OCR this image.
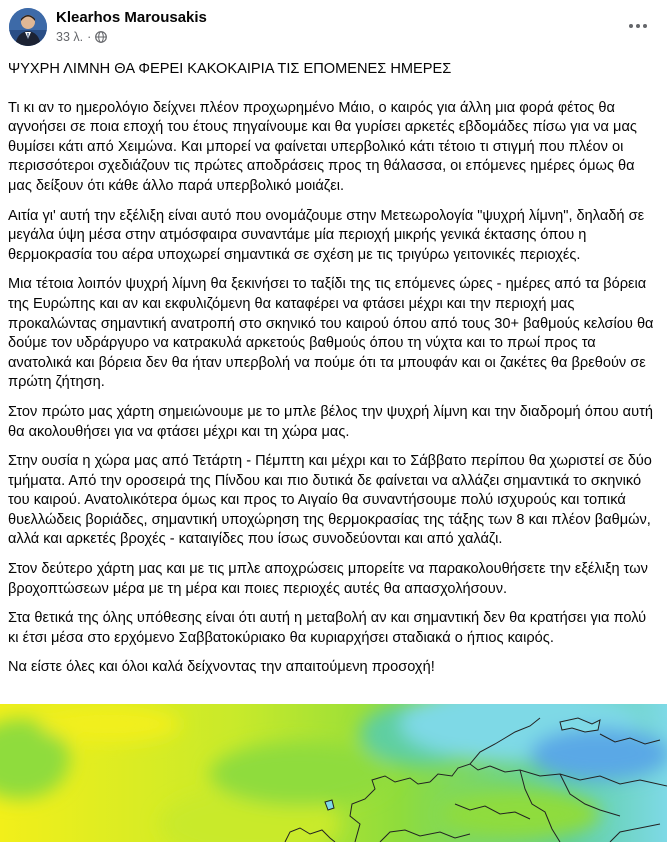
Klearhos Marousakis
33 λ. ·

ΨΥΧΡΗ ΛΙΜΝΗ ΘΑ ΦΕΡΕΙ ΚΑΚΟΚΑΙΡΙΑ ΤΙΣ ΕΠΟΜΕΝΕΣ ΗΜΕΡΕΣ

Τι κι αν το ημερολόγιο δείχνει πλέον προχωρημένο Μάιο, ο καιρός για άλλη μια φορά φέτος θα αγνοήσει σε ποια εποχή του έτους πηγαίνουμε και θα γυρίσει αρκετές εβδομάδες πίσω για να μας θυμίσει κάτι από Χειμώνα. Και μπορεί να φαίνεται υπερβολικό κάτι τέτοιο τι στιγμή που πλέον οι περισσότεροι σχεδιάζουν τις πρώτες αποδράσεις προς τη θάλασσα, οι επόμενες ημέρες όμως θα μας δείξουν ότι κάθε άλλο παρά υπερβολικό μοιάζει.

Αιτία γι' αυτή την εξέλιξη είναι αυτό που ονομάζουμε στην Μετεωρολογία "ψυχρή λίμνη", δηλαδή σε μεγάλα ύψη μέσα στην ατμόσφαιρα συναντάμε μία περιοχή μικρής γενικά έκτασης όπου η θερμοκρασία του αέρα υποχωρεί σημαντικά σε σχέση με τις τριγύρω γειτονικές περιοχές.

Μια τέτοια λοιπόν ψυχρή λίμνη θα ξεκινήσει το ταξίδι της τις επόμενες ώρες - ημέρες από τα βόρεια της Ευρώπης και αν και εκφυλιζόμενη θα καταφέρει να φτάσει μέχρι και την περιοχή μας προκαλώντας σημαντική ανατροπή στο σκηνικό του καιρού όπου από τους 30+ βαθμούς κελσίου θα δούμε τον υδράργυρο να κατρακυλά αρκετούς βαθμούς όπου τη νύχτα και το πρωί προς τα ανατολικά και βόρεια δεν θα ήταν υπερβολή να πούμε ότι τα μπουφάν και οι ζακέτες θα βρεθούν σε πρώτη ζήτηση.

Στον πρώτο μας χάρτη σημειώνουμε με το μπλε βέλος την ψυχρή λίμνη και την διαδρομή όπου αυτή θα ακολουθήσει για να φτάσει μέχρι και τη χώρα μας.

Στην ουσία η χώρα μας από Τετάρτη - Πέμπτη και μέχρι και το Σάββατο περίπου θα χωριστεί σε δύο τμήματα. Από την οροσειρά της Πίνδου και πιο δυτικά δε φαίνεται να αλλάζει σημαντικά το σκηνικό του καιρού. Ανατολικότερα όμως και προς το Αιγαίο θα συναντήσουμε πολύ ισχυρούς και τοπικά θυελλώδεις βοριάδες, σημαντική υποχώρηση της θερμοκρασίας της τάξης των 8 και πλέον βαθμών, αλλά και αρκετές βροχές - καταιγίδες που ίσως συνοδεύονται και από χαλάζι.

Στον δεύτερο χάρτη μας και με τις μπλε αποχρώσεις μπορείτε να παρακολουθήσετε την εξέλιξη των βροχοπτώσεων μέρα με τη μέρα και ποιες περιοχές αυτές θα απασχολήσουν.

Στα θετικά της όλης υπόθεσης είναι ότι αυτή η μεταβολή αν και σημαντική δεν θα κρατήσει για πολύ κι έτσι μέσα στο ερχόμενο Σαββατοκύριακο θα κυριαρχήσει σταδιακά ο ήπιος καιρός.

Να είστε όλες και όλοι καλά δείχνοντας την απαιτούμενη προσοχή!
